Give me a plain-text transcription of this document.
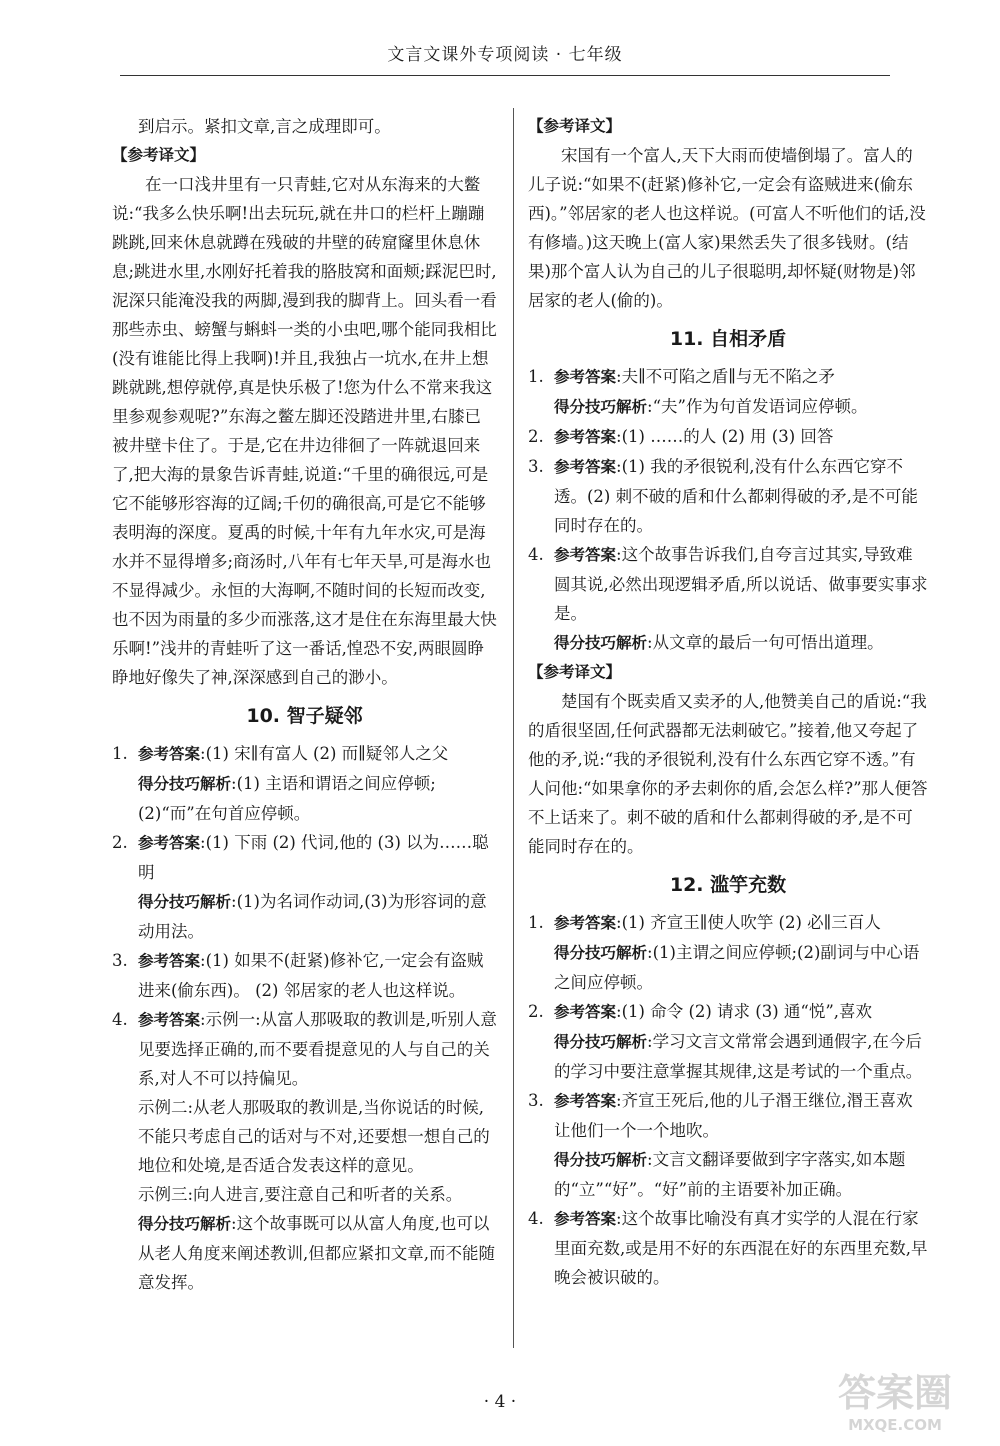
文言文课外专项阅读 · 七年级

到启示。紧扣文章,言之成理即可。

【参考译文】

在一口浅井里有一只青蛙,它对从东海来的大鳖说:“我多么快乐啊!出去玩玩,就在井口的栏杆上蹦蹦跳跳,回来休息就蹲在残破的井壁的砖窟窿里休息休息;跳进水里,水刚好托着我的胳肢窝和面颊;踩泥巴时,泥深只能淹没我的两脚,漫到我的脚背上。回头看一看那些赤虫、螃蟹与蝌蚪一类的小虫吧,哪个能同我相比(没有谁能比得上我啊)!并且,我独占一坑水,在井上想跳就跳,想停就停,真是快乐极了!您为什么不常来我这里参观参观呢?”东海之鳖左脚还没踏进井里,右膝已被井壁卡住了。于是,它在井边徘徊了一阵就退回来了,把大海的景象告诉青蛙,说道:“千里的确很远,可是它不能够形容海的辽阔;千仞的确很高,可是它不能够表明海的深度。夏禹的时候,十年有九年水灾,可是海水并不显得增多;商汤时,八年有七年天旱,可是海水也不显得减少。永恒的大海啊,不随时间的长短而改变,也不因为雨量的多少而涨落,这才是住在东海里最大快乐啊!”浅井的青蛙听了这一番话,惶恐不安,两眼圆睁睁地好像失了神,深深感到自己的渺小。

10. 智子疑邻

1. 参考答案:(1) 宋∥有富人 (2) 而∥疑邻人之父

得分技巧解析:(1) 主语和谓语之间应停顿;(2)“而”在句首应停顿。

2. 参考答案:(1) 下雨 (2) 代词,他的 (3) 以为……聪明

得分技巧解析:(1)为名词作动词,(3)为形容词的意动用法。

3. 参考答案:(1) 如果不(赶紧)修补它,一定会有盗贼进来(偷东西)。 (2) 邻居家的老人也这样说。

4. 参考答案:示例一:从富人那吸取的教训是,听别人意见要选择正确的,而不要看提意见的人与自己的关系,对人不可以持偏见。

示例二:从老人那吸取的教训是,当你说话的时候,不能只考虑自己的话对与不对,还要想一想自己的地位和处境,是否适合发表这样的意见。

示例三:向人进言,要注意自己和听者的关系。

得分技巧解析:这个故事既可以从富人角度,也可以从老人角度来阐述教训,但都应紧扣文章,而不能随意发挥。

【参考译文】

宋国有一个富人,天下大雨而使墙倒塌了。富人的儿子说:“如果不(赶紧)修补它,一定会有盗贼进来(偷东西)。”邻居家的老人也这样说。(可富人不听他们的话,没有修墙。)这天晚上(富人家)果然丢失了很多钱财。(结果)那个富人认为自己的儿子很聪明,却怀疑(财物是)邻居家的老人(偷的)。

11. 自相矛盾

1. 参考答案:夫∥不可陷之盾∥与无不陷之矛

得分技巧解析:“夫”作为句首发语词应停顿。

2. 参考答案:(1) ……的人 (2) 用 (3) 回答

3. 参考答案:(1) 我的矛很锐利,没有什么东西它穿不透。(2) 刺不破的盾和什么都刺得破的矛,是不可能同时存在的。

4. 参考答案:这个故事告诉我们,自夸言过其实,导致难圆其说,必然出现逻辑矛盾,所以说话、做事要实事求是。

得分技巧解析:从文章的最后一句可悟出道理。

【参考译文】

楚国有个既卖盾又卖矛的人,他赞美自己的盾说:“我的盾很坚固,任何武器都无法刺破它。”接着,他又夸起了他的矛,说:“我的矛很锐利,没有什么东西它穿不透。”有人问他:“如果拿你的矛去刺你的盾,会怎么样?”那人便答不上话来了。刺不破的盾和什么都刺得破的矛,是不可能同时存在的。

12. 滥竽充数

1. 参考答案:(1) 齐宣王∥使人吹竽 (2) 必∥三百人

得分技巧解析:(1)主谓之间应停顿;(2)副词与中心语之间应停顿。

2. 参考答案:(1) 命令 (2) 请求 (3) 通“悦”,喜欢

得分技巧解析:学习文言文常常会遇到通假字,在今后的学习中要注意掌握其规律,这是考试的一个重点。

3. 参考答案:齐宣王死后,他的儿子湣王继位,湣王喜欢让他们一个一个地吹。

得分技巧解析:文言文翻译要做到字字落实,如本题的“立”“好”。“好”前的主语要补加正确。

4. 参考答案:这个故事比喻没有真才实学的人混在行家里面充数,或是用不好的东西混在好的东西里充数,早晚会被识破的。

· 4 ·	答案圈
MXQE.COM
